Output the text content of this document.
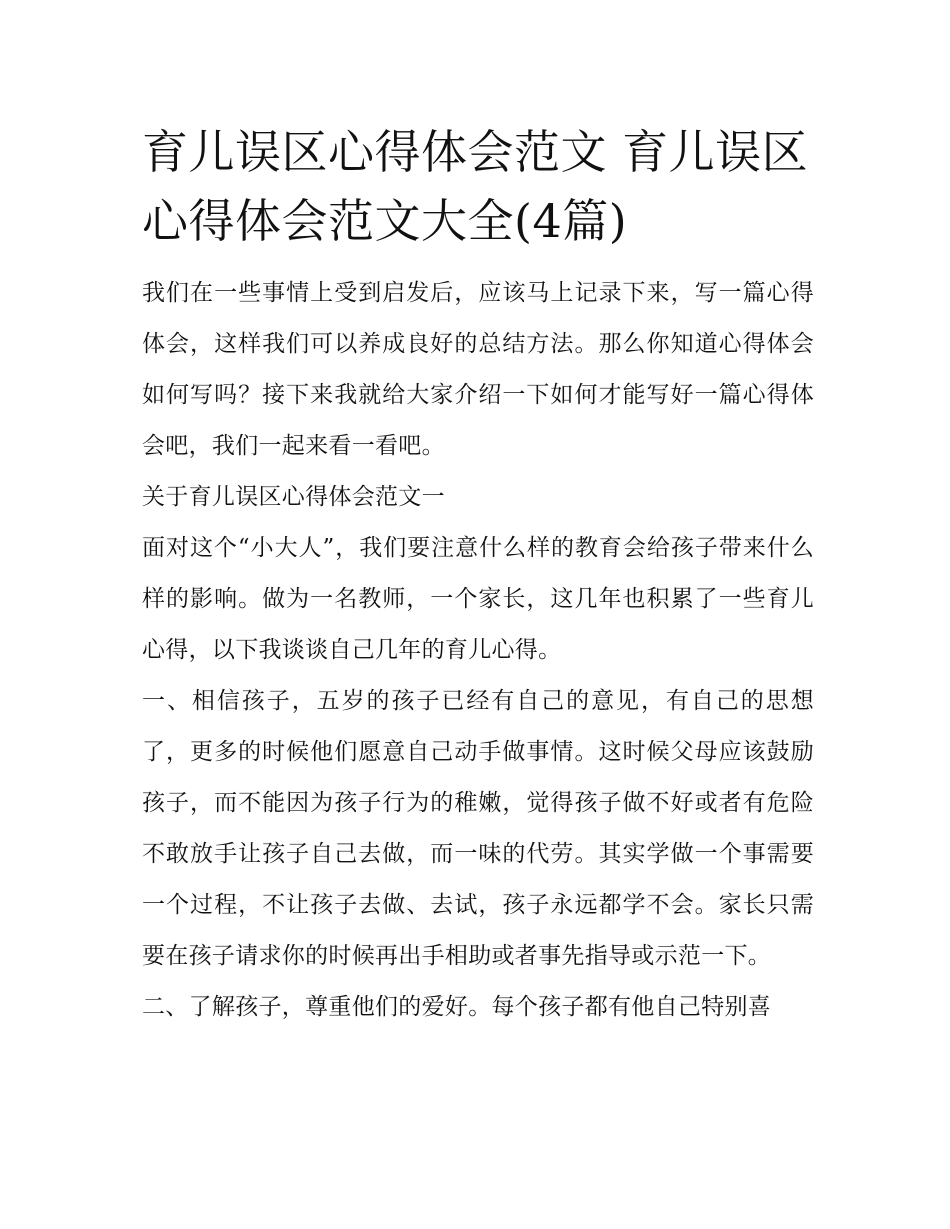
育儿误区心得体会范文 育儿误区心得体会范文大全(4篇)

我们在一些事情上受到启发后，应该马上记录下来，写一篇心得体会，这样我们可以养成良好的总结方法。那么你知道心得体会如何写吗？接下来我就给大家介绍一下如何才能写好一篇心得体会吧，我们一起来看一看吧。

关于育儿误区心得体会范文一

面对这个“小大人”，我们要注意什么样的教育会给孩子带来什么样的影响。做为一名教师，一个家长，这几年也积累了一些育儿心得，以下我谈谈自己几年的育儿心得。

一、相信孩子，五岁的孩子已经有自己的意见，有自己的思想了，更多的时候他们愿意自己动手做事情。这时候父母应该鼓励孩子，而不能因为孩子行为的稚嫩，觉得孩子做不好或者有危险不敢放手让孩子自己去做，而一味的代劳。其实学做一个事需要一个过程，不让孩子去做、去试，孩子永远都学不会。家长只需要在孩子请求你的时候再出手相助或者事先指导或示范一下。

二、了解孩子，尊重他们的爱好。每个孩子都有他自己特别喜
